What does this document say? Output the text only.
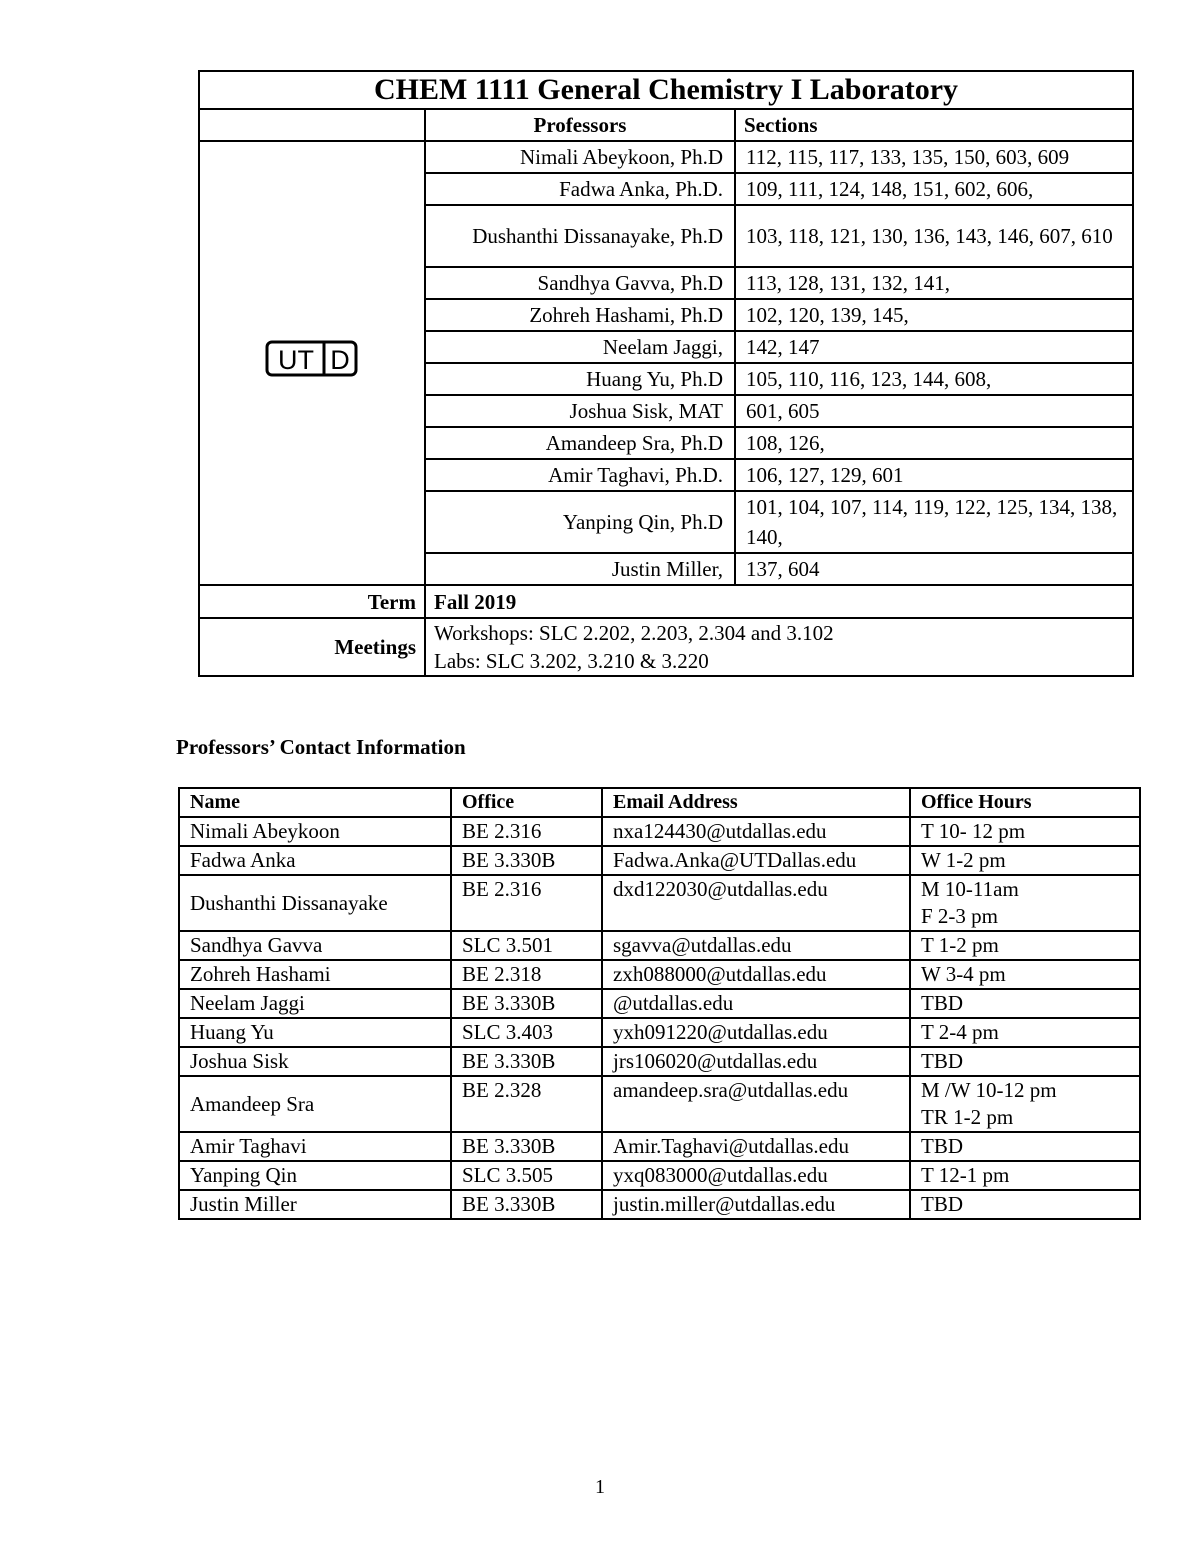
CHEM 1111 General Chemistry I Laboratory		
	Professors	Sections

UT D	Nimali Abeykoon, Ph.D	112, 115, 117, 133, 135, 150, 603, 609
	Fadwa Anka, Ph.D.	109, 111, 124, 148, 151, 602, 606,
	Dushanthi Dissanayake, Ph.D	103, 118, 121, 130, 136, 143, 146, 607, 610
	Sandhya Gavva, Ph.D	113, 128, 131, 132, 141,
	Zohreh Hashami, Ph.D	102, 120, 139, 145,
	Neelam Jaggi,	142, 147
	Huang Yu, Ph.D	105, 110, 116, 123, 144, 608,
	Joshua Sisk, MAT	601, 605
	Amandeep Sra, Ph.D	108, 126,
	Amir Taghavi, Ph.D.	106, 127, 129, 601
	Yanping Qin, Ph.D	101, 104, 107, 114, 119, 122, 125, 134, 138, 140,
	Justin Miller,	137, 604
Term	Fall 2019	
Meetings	Workshops: SLC 2.202, 2.203, 2.304 and 3.102
Labs: SLC 3.202, 3.210 & 3.220	
Professors’ Contact Information
Name	Office	Email Address	Office Hours
Nimali Abeykoon	BE 2.316	nxa124430@utdallas.edu	T 10- 12 pm
Fadwa Anka	BE 3.330B	Fadwa.Anka@UTDallas.edu	W 1-2 pm
Dushanthi Dissanayake	BE 2.316	dxd122030@utdallas.edu	M 10-11am
F 2-3 pm

Sandhya Gavva	SLC 3.501	sgavva@utdallas.edu	T 1-2 pm
Zohreh Hashami	BE 2.318	zxh088000@utdallas.edu	W 3-4 pm
Neelam Jaggi	BE 3.330B	@utdallas.edu	TBD
Huang Yu	SLC 3.403	yxh091220@utdallas.edu	T 2-4 pm
Joshua Sisk	BE 3.330B	jrs106020@utdallas.edu	TBD
Amandeep Sra	BE 2.328	amandeep.sra@utdallas.edu	M /W 10-12 pm
TR 1-2 pm

Amir Taghavi	BE 3.330B	Amir.Taghavi@utdallas.edu	TBD
Yanping Qin	SLC 3.505	yxq083000@utdallas.edu	T 12-1 pm
Justin Miller	BE 3.330B	justin.miller@utdallas.edu	TBD
1
